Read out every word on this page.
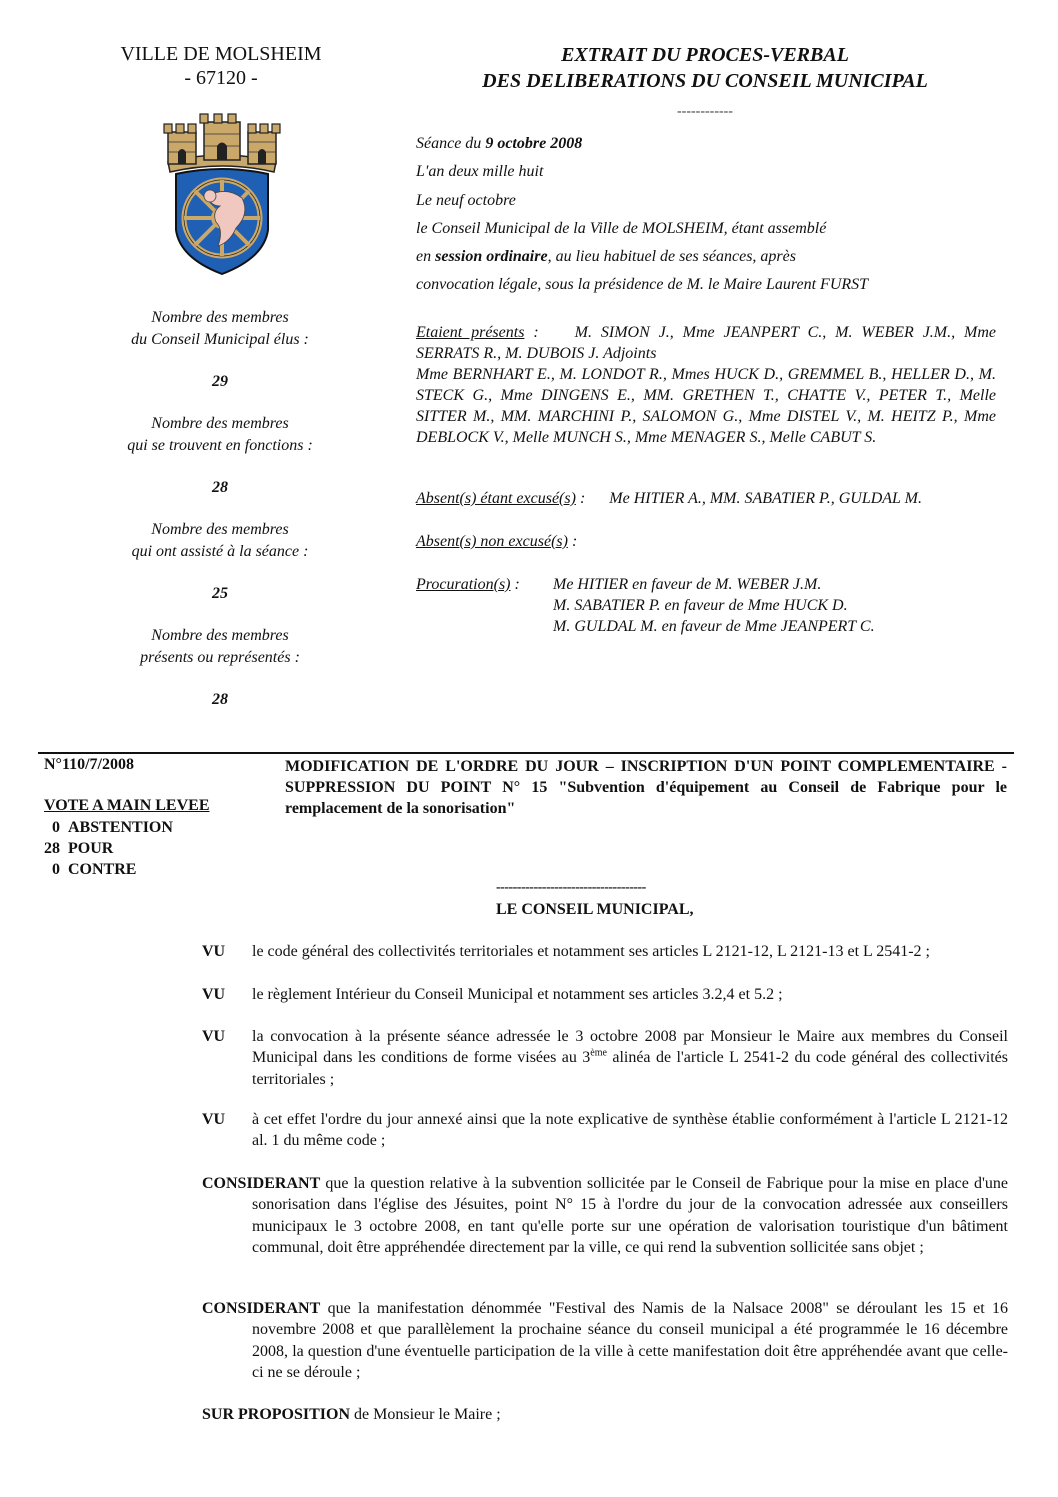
VILLE DE MOLSHEIM
- 67120 -
EXTRAIT DU PROCES-VERBAL
DES DELIBERATIONS DU CONSEIL MUNICIPAL
------------
Séance du 9 octobre 2008
L'an deux mille huit
Le neuf octobre
le Conseil Municipal de la Ville de MOLSHEIM, étant assemblé
en session ordinaire, au lieu habituel de ses séances, après
convocation légale, sous la présidence de M. le Maire Laurent FURST
Nombre des membres
du Conseil Municipal élus :
29
Nombre des membres
qui se trouvent en fonctions :
28
Nombre des membres
qui ont assisté à la séance :
25
Nombre des membres
présents ou représentés :
28
Etaient présents : M. SIMON J., Mme JEANPERT C., M. WEBER J.M., Mme SERRATS R., M. DUBOIS J. Adjoints
Mme BERNHART E., M. LONDOT R., Mmes HUCK D., GREMMEL B., HELLER D., M. STECK G., Mme DINGENS E., MM. GRETHEN T., CHATTE V., PETER T., Melle SITTER M., MM. MARCHINI P., SALOMON G., Mme DISTEL V., M. HEITZ P., Mme DEBLOCK V., Melle MUNCH S., Mme MENAGER S., Melle CABUT S.
Absent(s) étant excusé(s) : Me HITIER A., MM. SABATIER P., GULDAL M.
Absent(s) non excusé(s) :
Procuration(s) : Me HITIER en faveur de M. WEBER J.M.
M. SABATIER P. en faveur de Mme HUCK D.
M. GULDAL M. en faveur de Mme JEANPERT C.
N°110/7/2008
VOTE A MAIN LEVEE
0 ABSTENTION
28 POUR
0 CONTRE
MODIFICATION DE L'ORDRE DU JOUR – INSCRIPTION D'UN POINT COMPLEMENTAIRE - SUPPRESSION DU POINT N° 15 "Subvention d'équipement au Conseil de Fabrique pour le remplacement de la sonorisation"
------------------------------------
LE CONSEIL MUNICIPAL,
VU	le code général des collectivités territoriales et notamment ses articles L 2121-12, L 2121-13 et L 2541-2 ;
VU	le règlement Intérieur du Conseil Municipal et notamment ses articles 3.2,4 et 5.2 ;
VU	la convocation à la présente séance adressée le 3 octobre 2008 par Monsieur le Maire aux membres du Conseil Municipal dans les conditions de forme visées au 3ème alinéa de l'article L 2541-2 du code général des collectivités territoriales ;
VU	à cet effet l'ordre du jour annexé ainsi que la note explicative de synthèse établie conformément à l'article L 2121-12 al. 1 du même code ;
CONSIDERANT que la question relative à la subvention sollicitée par le Conseil de Fabrique pour la mise en place d'une sonorisation dans l'église des Jésuites, point N° 15 à l'ordre du jour de la convocation adressée aux conseillers municipaux le 3 octobre 2008, en tant qu'elle porte sur une opération de valorisation touristique d'un bâtiment communal, doit être appréhendée directement par la ville, ce qui rend la subvention sollicitée sans objet ;
CONSIDERANT que la manifestation dénommée "Festival des Namis de la Nalsace 2008" se déroulant les 15 et 16 novembre 2008 et que parallèlement la prochaine séance du conseil municipal a été programmée le 16 décembre 2008, la question d'une éventuelle participation de la ville à cette manifestation doit être appréhendée avant que celle-ci ne se déroule ;
SUR PROPOSITION de Monsieur le Maire ;
